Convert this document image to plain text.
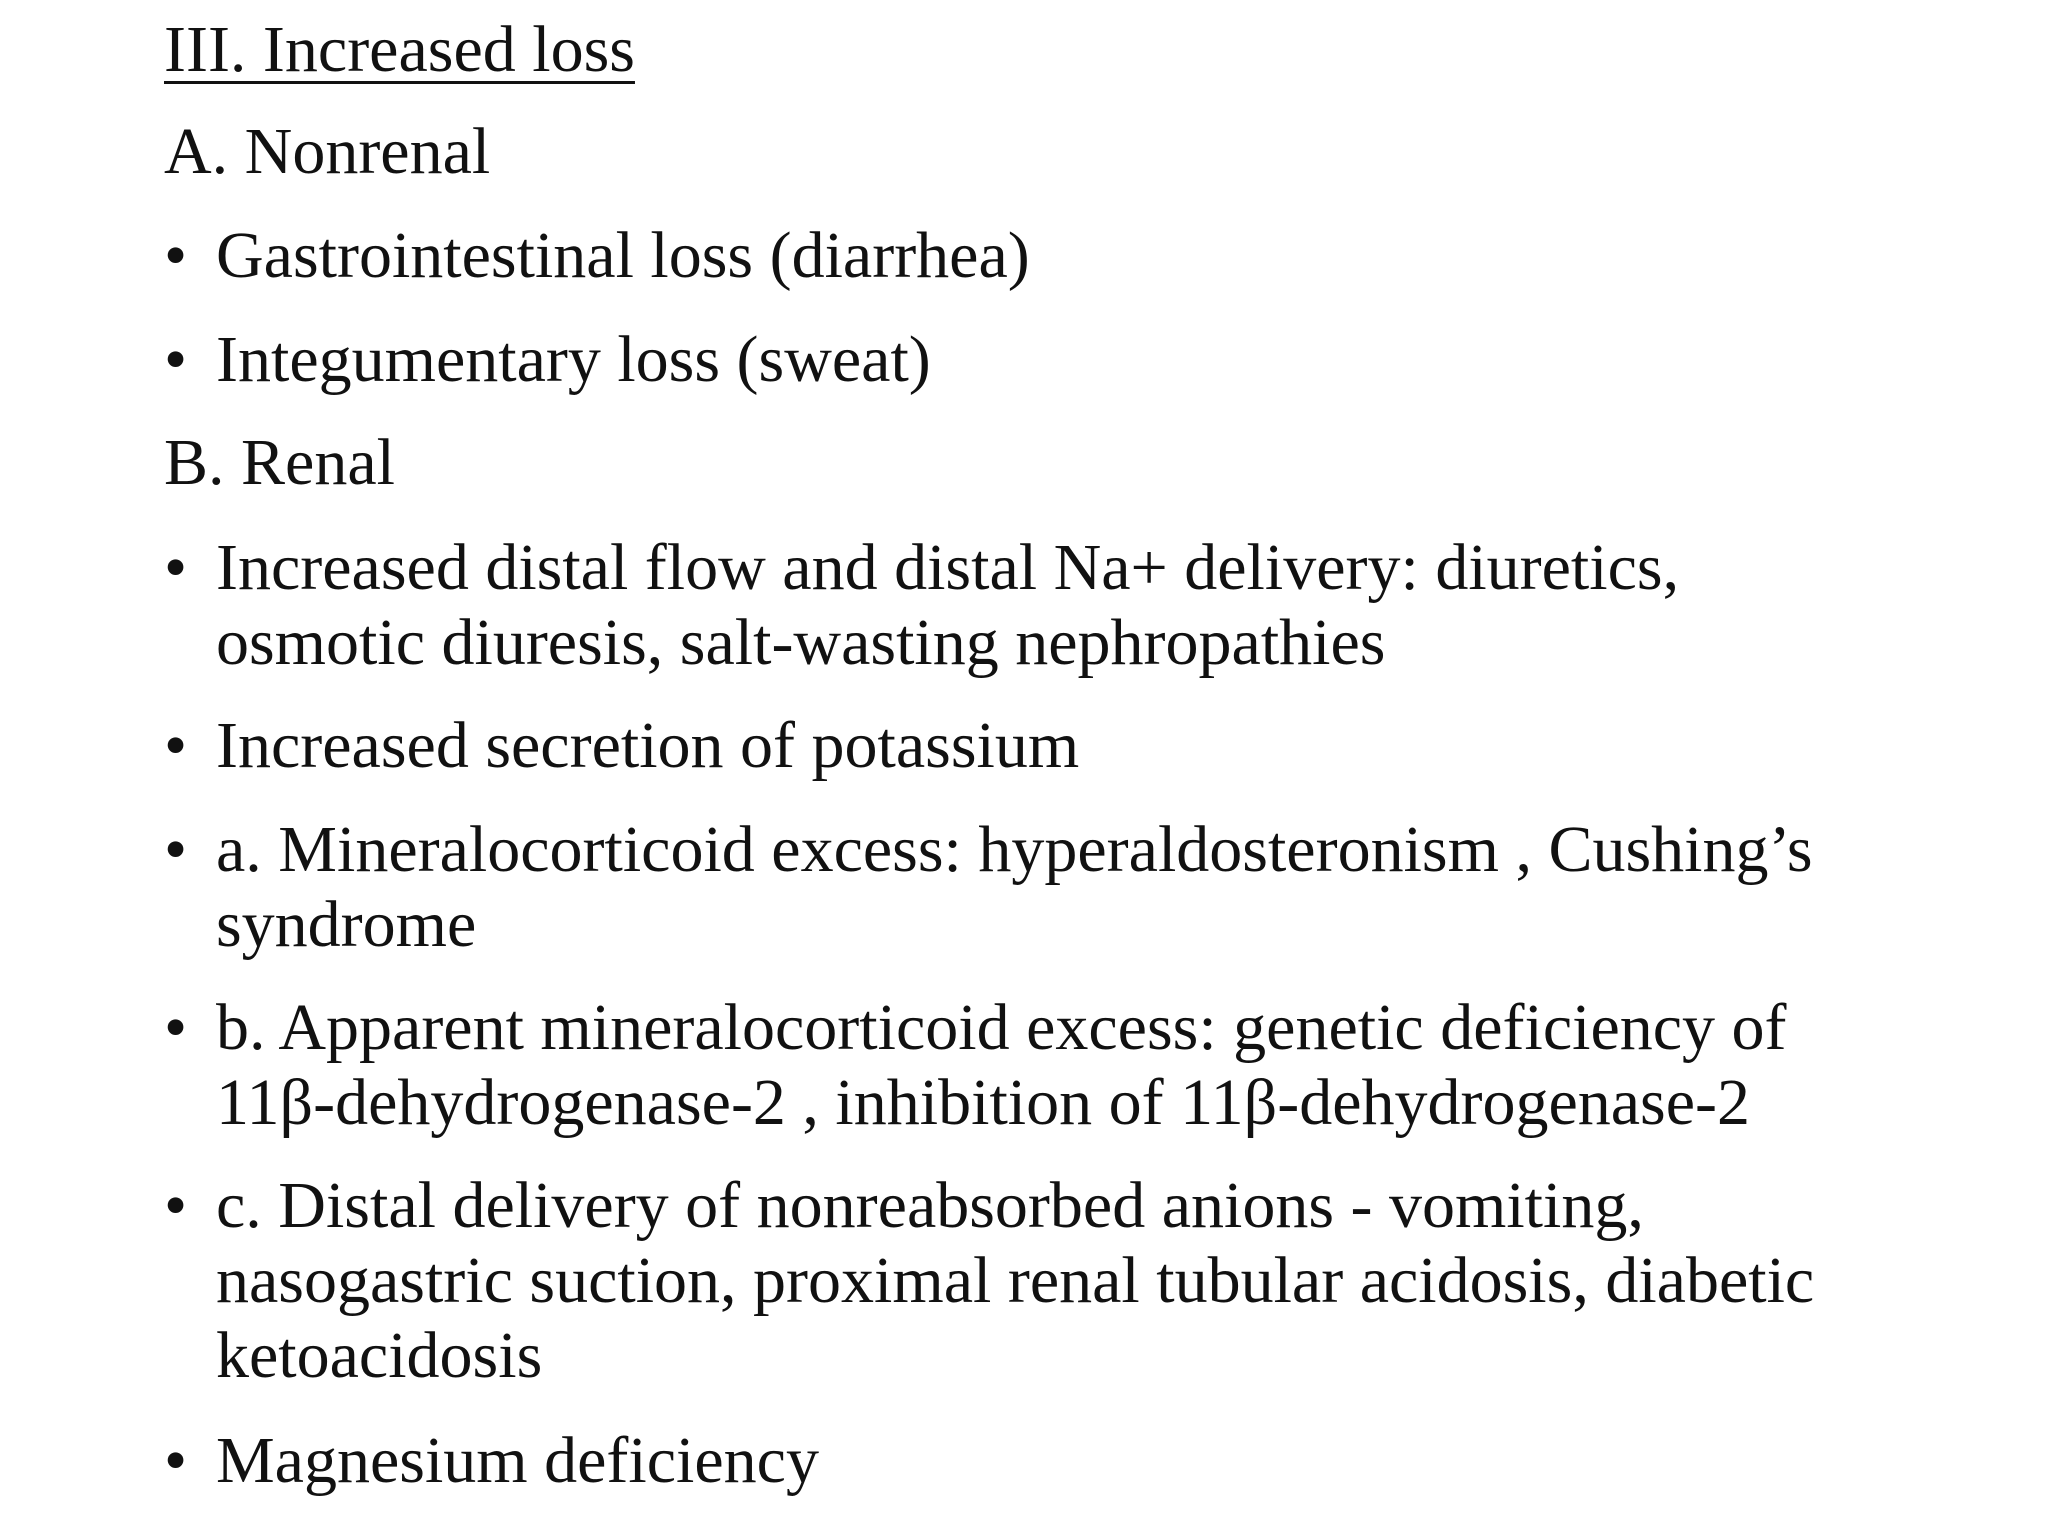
III. Increased loss
A. Nonrenal
• Gastrointestinal loss (diarrhea)
• Integumentary loss (sweat)
B. Renal
• Increased distal flow and distal Na+ delivery: diuretics,
osmotic diuresis, salt-wasting nephropathies
• Increased secretion of potassium
• a. Mineralocorticoid excess: hyperaldosteronism , Cushing’s
syndrome
• b. Apparent mineralocorticoid excess: genetic deficiency of
11β-dehydrogenase-2 , inhibition of 11β-dehydrogenase-2
• c. Distal delivery of nonreabsorbed anions - vomiting,
nasogastric suction, proximal renal tubular acidosis, diabetic
ketoacidosis
• Magnesium deficiency
